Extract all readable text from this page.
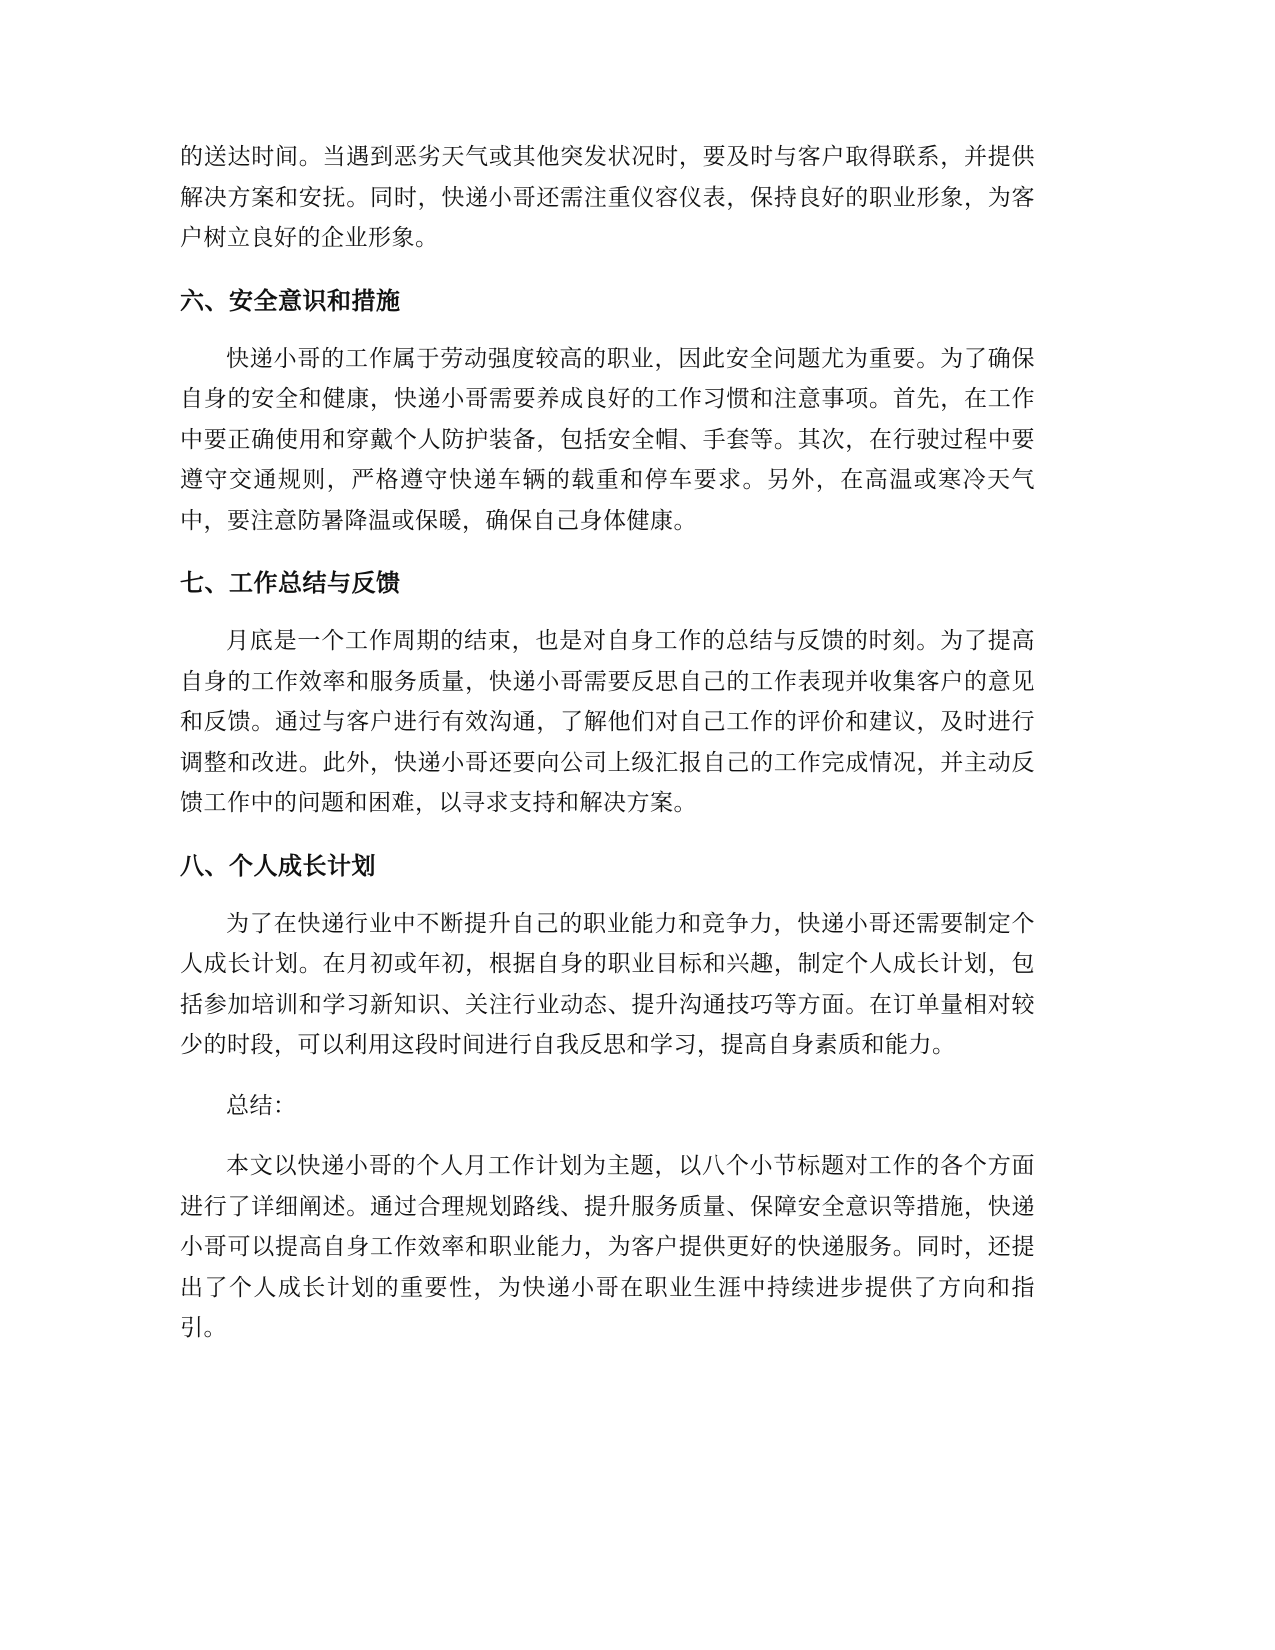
的送达时间。当遇到恶劣天气或其他突发状况时，要及时与客户取得联系，并提供解决方案和安抚。同时，快递小哥还需注重仪容仪表，保持良好的职业形象，为客户树立良好的企业形象。

六、安全意识和措施

快递小哥的工作属于劳动强度较高的职业，因此安全问题尤为重要。为了确保自身的安全和健康，快递小哥需要养成良好的工作习惯和注意事项。首先，在工作中要正确使用和穿戴个人防护装备，包括安全帽、手套等。其次，在行驶过程中要遵守交通规则，严格遵守快递车辆的载重和停车要求。另外，在高温或寒冷天气中，要注意防暑降温或保暖，确保自己身体健康。

七、工作总结与反馈

月底是一个工作周期的结束，也是对自身工作的总结与反馈的时刻。为了提高自身的工作效率和服务质量，快递小哥需要反思自己的工作表现并收集客户的意见和反馈。通过与客户进行有效沟通，了解他们对自己工作的评价和建议，及时进行调整和改进。此外，快递小哥还要向公司上级汇报自己的工作完成情况，并主动反馈工作中的问题和困难，以寻求支持和解决方案。

八、个人成长计划

为了在快递行业中不断提升自己的职业能力和竞争力，快递小哥还需要制定个人成长计划。在月初或年初，根据自身的职业目标和兴趣，制定个人成长计划，包括参加培训和学习新知识、关注行业动态、提升沟通技巧等方面。在订单量相对较少的时段，可以利用这段时间进行自我反思和学习，提高自身素质和能力。

总结：

本文以快递小哥的个人月工作计划为主题，以八个小节标题对工作的各个方面进行了详细阐述。通过合理规划路线、提升服务质量、保障安全意识等措施，快递小哥可以提高自身工作效率和职业能力，为客户提供更好的快递服务。同时，还提出了个人成长计划的重要性，为快递小哥在职业生涯中持续进步提供了方向和指引。
